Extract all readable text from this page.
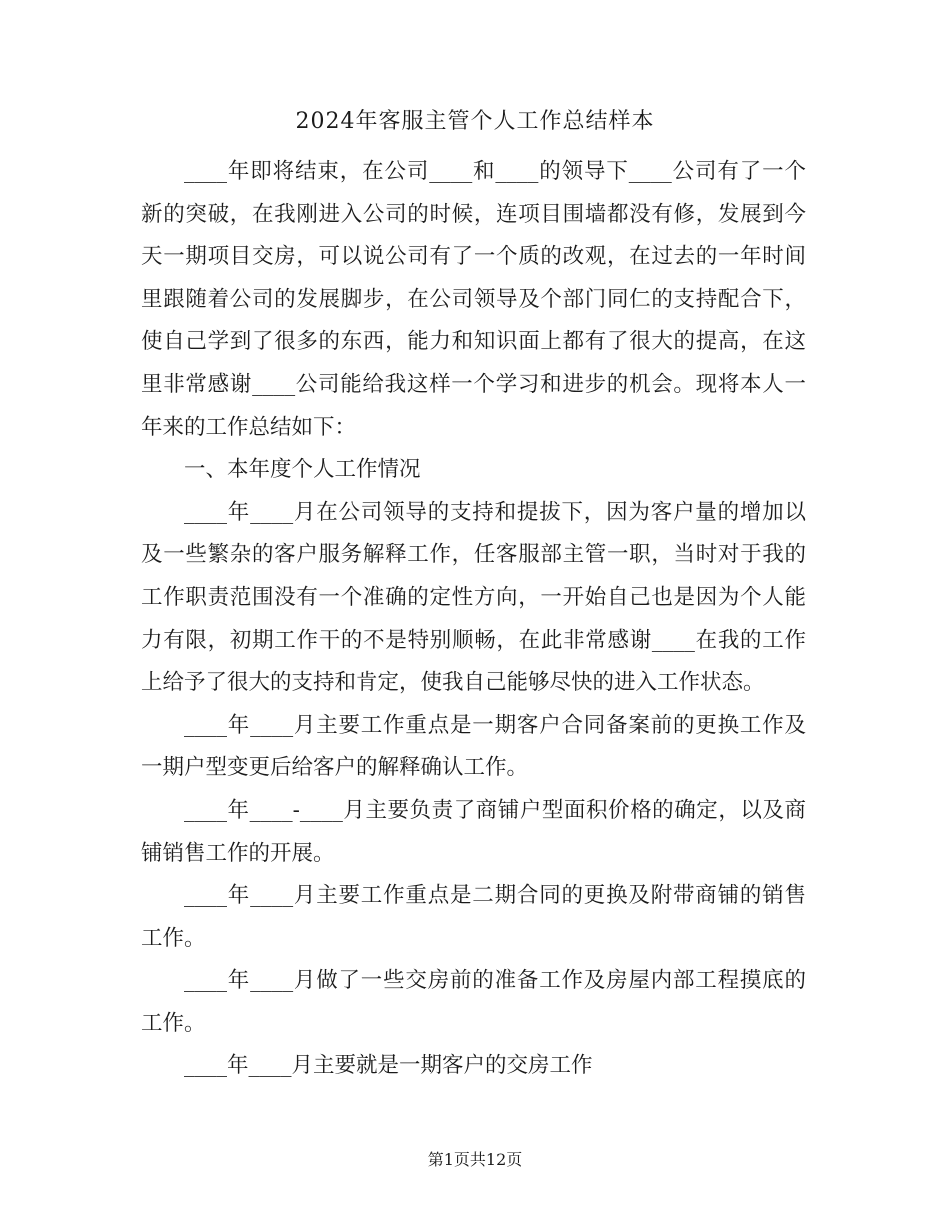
2024年客服主管个人工作总结样本

____年即将结束，在公司____和____的领导下____公司有了一个新的突破，在我刚进入公司的时候，连项目围墙都没有修，发展到今天一期项目交房，可以说公司有了一个质的改观，在过去的一年时间里跟随着公司的发展脚步，在公司领导及个部门同仁的支持配合下，使自己学到了很多的东西，能力和知识面上都有了很大的提高，在这里非常感谢____公司能给我这样一个学习和进步的机会。现将本人一年来的工作总结如下：

一、本年度个人工作情况

____年____月在公司领导的支持和提拔下，因为客户量的增加以及一些繁杂的客户服务解释工作，任客服部主管一职，当时对于我的工作职责范围没有一个准确的定性方向，一开始自己也是因为个人能力有限，初期工作干的不是特别顺畅，在此非常感谢____在我的工作上给予了很大的支持和肯定，使我自己能够尽快的进入工作状态。

____年____月主要工作重点是一期客户合同备案前的更换工作及一期户型变更后给客户的解释确认工作。

____年____-____月主要负责了商铺户型面积价格的确定，以及商铺销售工作的开展。

____年____月主要工作重点是二期合同的更换及附带商铺的销售工作。

____年____月做了一些交房前的准备工作及房屋内部工程摸底的工作。

____年____月主要就是一期客户的交房工作

第1页共12页
